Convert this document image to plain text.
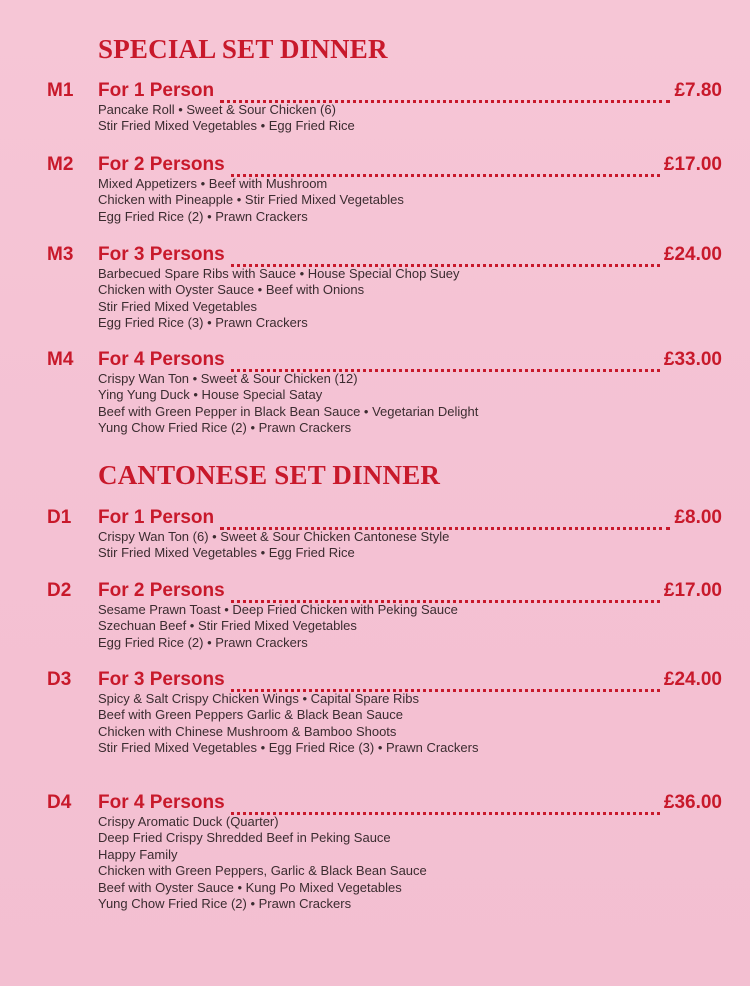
SPECIAL SET DINNER
M1 For 1 Person	£7.80
Pancake Roll • Sweet & Sour Chicken (6)
Stir Fried Mixed Vegetables • Egg Fried Rice
M2 For 2 Persons	£17.00
Mixed Appetizers • Beef with Mushroom
Chicken with Pineapple • Stir Fried Mixed Vegetables
Egg Fried Rice (2) • Prawn Crackers
M3 For 3 Persons	£24.00
Barbecued Spare Ribs with Sauce • House Special Chop Suey
Chicken with Oyster Sauce • Beef with Onions
Stir Fried Mixed Vegetables
Egg Fried Rice (3) • Prawn Crackers
M4 For 4 Persons	£33.00
Crispy Wan Ton • Sweet & Sour Chicken (12)
Ying Yung Duck • House Special Satay
Beef with Green Pepper in Black Bean Sauce • Vegetarian Delight
Yung Chow Fried Rice (2) • Prawn Crackers
CANTONESE SET DINNER
D1 For 1 Person	£8.00
Crispy Wan Ton (6) • Sweet & Sour Chicken Cantonese Style
Stir Fried Mixed Vegetables • Egg Fried Rice
D2 For 2 Persons	£17.00
Sesame Prawn Toast • Deep Fried Chicken with Peking Sauce
Szechuan Beef • Stir Fried Mixed Vegetables
Egg Fried Rice (2) • Prawn Crackers
D3 For 3 Persons	£24.00
Spicy & Salt Crispy Chicken Wings • Capital Spare Ribs
Beef with Green Peppers Garlic & Black Bean Sauce
Chicken with Chinese Mushroom & Bamboo Shoots
Stir Fried Mixed Vegetables • Egg Fried Rice (3) • Prawn Crackers
D4 For 4 Persons	£36.00
Crispy Aromatic Duck (Quarter)
Deep Fried Crispy Shredded Beef in Peking Sauce
Happy Family
Chicken with Green Peppers, Garlic & Black Bean Sauce
Beef with Oyster Sauce • Kung Po Mixed Vegetables
Yung Chow Fried Rice (2) • Prawn Crackers
